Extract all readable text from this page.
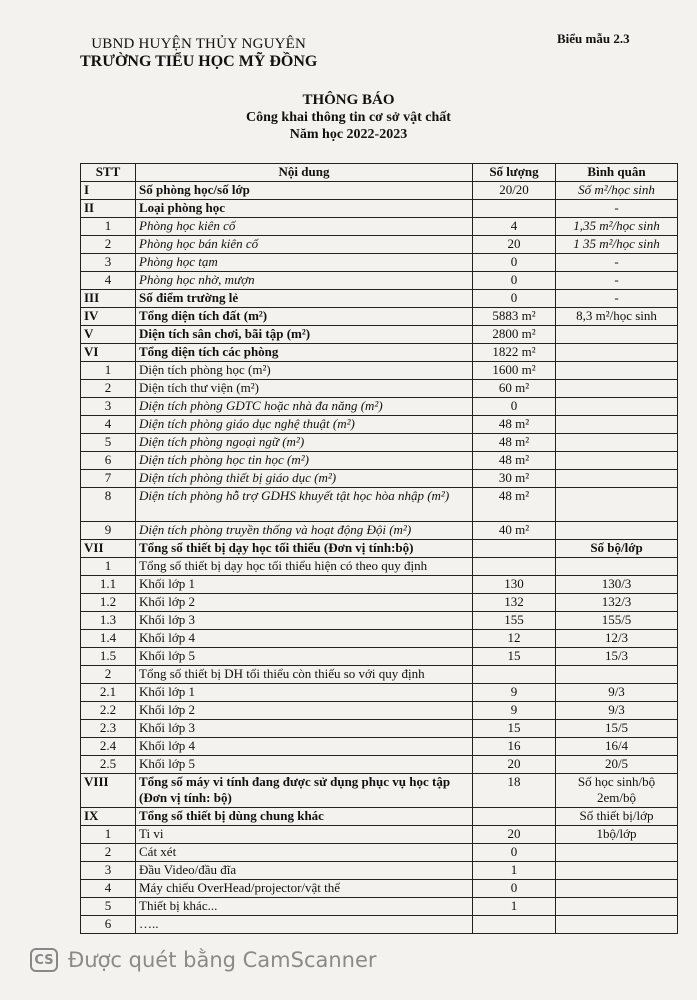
UBND HUYỆN THỦY NGUYÊN
TRƯỜNG TIỂU HỌC MỸ ĐỒNG
Biểu mẫu 2.3
THÔNG BÁO
Công khai thông tin cơ sở vật chất
Năm học 2022-2023
STT	Nội dung	Số lượng	Bình quân
I	Số phòng học/số lớp	20/20	Số m²/học sinh
II	Loại phòng học		-
1	Phòng học kiên cố	4	1,35 m²/học sinh
2	Phòng học bán kiên cố	20	1 35 m²/học sinh
3	Phòng học tạm	0	-
4	Phòng học nhờ, mượn	0	-
III	Số điểm trường lẻ	0	-
IV	Tổng diện tích đất (m²)	5883 m²	8,3 m²/học sinh
V	Diện tích sân chơi, bãi tập (m²)	2800 m²	
VI	Tổng diện tích các phòng	1822 m²	
1	Diện tích phòng học (m²)	1600 m²	
2	Diện tích thư viện (m²)	60 m²	
3	Diện tích phòng GDTC hoặc nhà đa năng (m²)	0	
4	Diện tích phòng giáo dục nghệ thuật (m²)	48 m²	
5	Diện tích phòng ngoại ngữ (m²)	48 m²	
6	Diện tích phòng học tin học (m²)	48 m²	
7	Diện tích phòng thiết bị giáo dục (m²)	30 m²	
8	Diện tích phòng hỗ trợ GDHS khuyết tật học hòa nhập (m²)	48 m²	
9	Diện tích phòng truyền thống và hoạt động Đội (m²)	40 m²	
VII	Tổng số thiết bị dạy học tối thiểu (Đơn vị tính:bộ)		Số bộ/lớp
1	Tổng số thiết bị dạy học tối thiểu hiện có theo quy định		
1.1	Khối lớp 1	130	130/3
1.2	Khối lớp 2	132	132/3
1.3	Khối lớp 3	155	155/5
1.4	Khối lớp 4	12	12/3
1.5	Khối lớp 5	15	15/3
2	Tổng số thiết bị DH tối thiểu còn thiếu so với quy định		
2.1	Khối lớp 1	9	9/3
2.2	Khối lớp 2	9	9/3
2.3	Khối lớp 3	15	15/5
2.4	Khối lớp 4	16	16/4
2.5	Khối lớp 5	20	20/5
VIII	Tổng số máy vi tính đang được sử dụng phục vụ học tập (Đơn vị tính: bộ)	18	Số học sinh/bộ 2em/bộ
IX	Tổng số thiết bị dùng chung khác		Số thiết bị/lớp
1	Ti vi	20	1bộ/lớp
2	Cát xét	0	
3	Đầu Video/đầu đĩa	1	
4	Máy chiếu OverHead/projector/vật thể	0	
5	Thiết bị khác...	1	
6	…..		
CS Được quét bằng CamScanner
